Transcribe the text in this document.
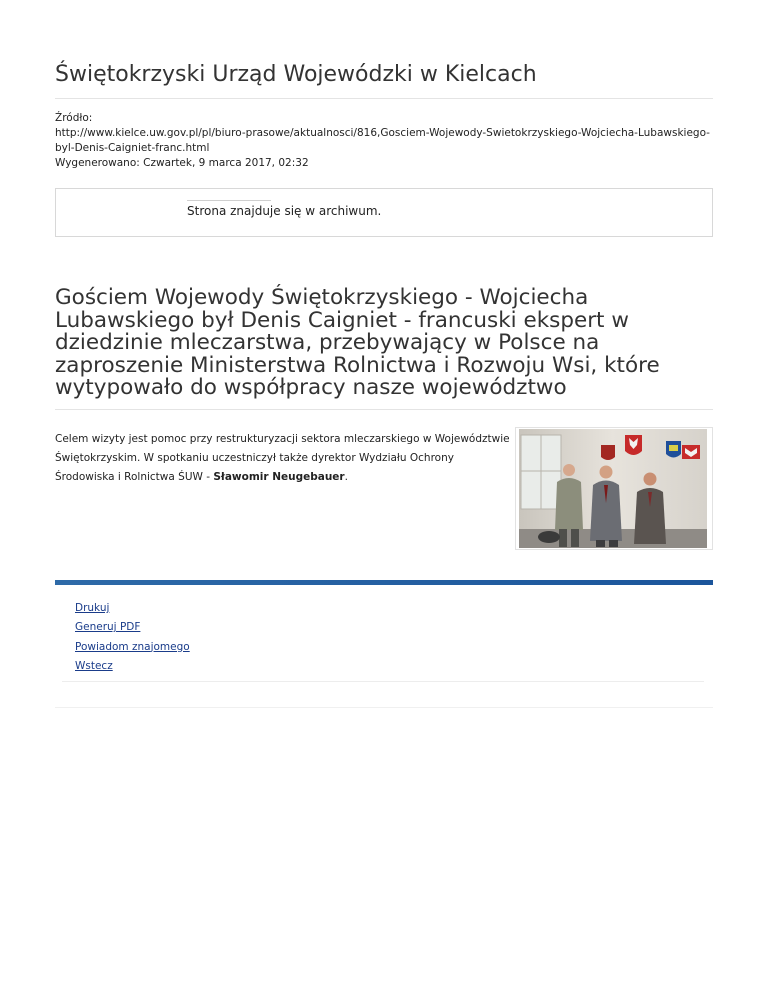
Świętokrzyski Urząd Wojewódzki w Kielcach
Źródło:
http://www.kielce.uw.gov.pl/pl/biuro-prasowe/aktualnosci/816,Gosciem-Wojewody-Swietokrzyskiego-Wojciecha-Lubawskiego-
byl-Denis-Caigniet-franc.html
Wygenerowano: Czwartek, 9 marca 2017, 02:32
Strona znajduje się w archiwum.
Gościem Wojewody Świętokrzyskiego - Wojciecha Lubawskiego był Denis Caigniet - francuski ekspert w dziedzinie mleczarstwa, przebywający w Polsce na zaproszenie Ministerstwa Rolnictwa i Rozwoju Wsi, które wytypowało do współpracy nasze województwo
Celem wizyty jest pomoc przy restrukturyzacji sektora mleczarskiego w Województwie
Świętokrzyskim. W spotkaniu uczestniczył także dyrektor Wydziału Ochrony
Środowiska i Rolnictwa ŚUW - Sławomir Neugebauer.
Drukuj
Generuj PDF
Powiadom znajomego
Wstecz
